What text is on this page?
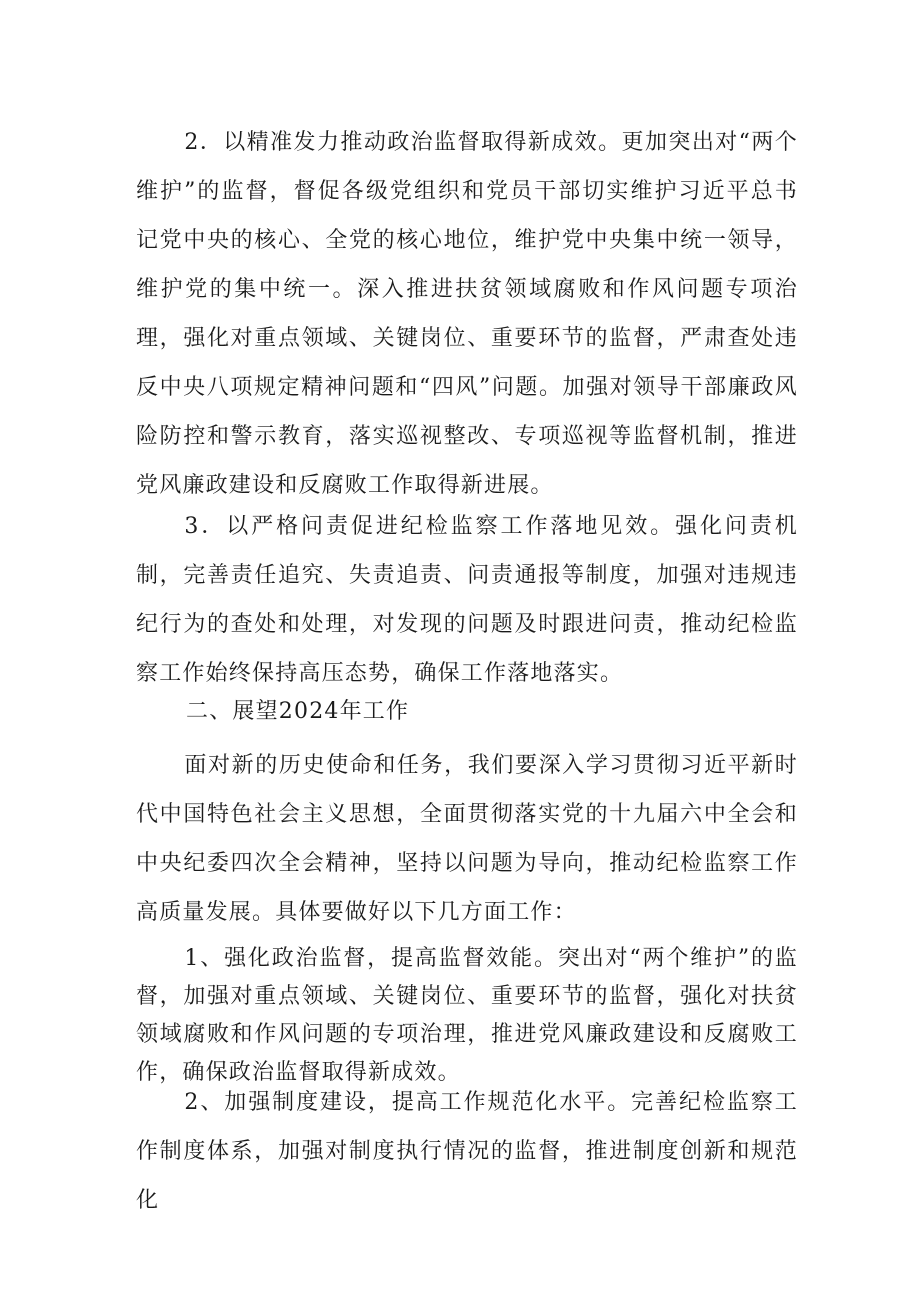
2．以精准发力推动政治监督取得新成效。更加突出对“两个维护”的监督，督促各级党组织和党员干部切实维护习近平总书记党中央的核心、全党的核心地位，维护党中央集中统一领导，维护党的集中统一。深入推进扶贫领域腐败和作风问题专项治理，强化对重点领域、关键岗位、重要环节的监督，严肃查处违反中央八项规定精神问题和“四风”问题。加强对领导干部廉政风险防控和警示教育，落实巡视整改、专项巡视等监督机制，推进党风廉政建设和反腐败工作取得新进展。

3．以严格问责促进纪检监察工作落地见效。强化问责机制，完善责任追究、失责追责、问责通报等制度，加强对违规违纪行为的查处和处理，对发现的问题及时跟进问责，推动纪检监察工作始终保持高压态势，确保工作落地落实。

二、展望2024年工作

面对新的历史使命和任务，我们要深入学习贯彻习近平新时代中国特色社会主义思想，全面贯彻落实党的十九届六中全会和中央纪委四次全会精神，坚持以问题为导向，推动纪检监察工作高质量发展。具体要做好以下几方面工作：

1、强化政治监督，提高监督效能。突出对“两个维护”的监督，加强对重点领域、关键岗位、重要环节的监督，强化对扶贫领域腐败和作风问题的专项治理，推进党风廉政建设和反腐败工作，确保政治监督取得新成效。

2、加强制度建设，提高工作规范化水平。完善纪检监察工作制度体系，加强对制度执行情况的监督，推进制度创新和规范化
